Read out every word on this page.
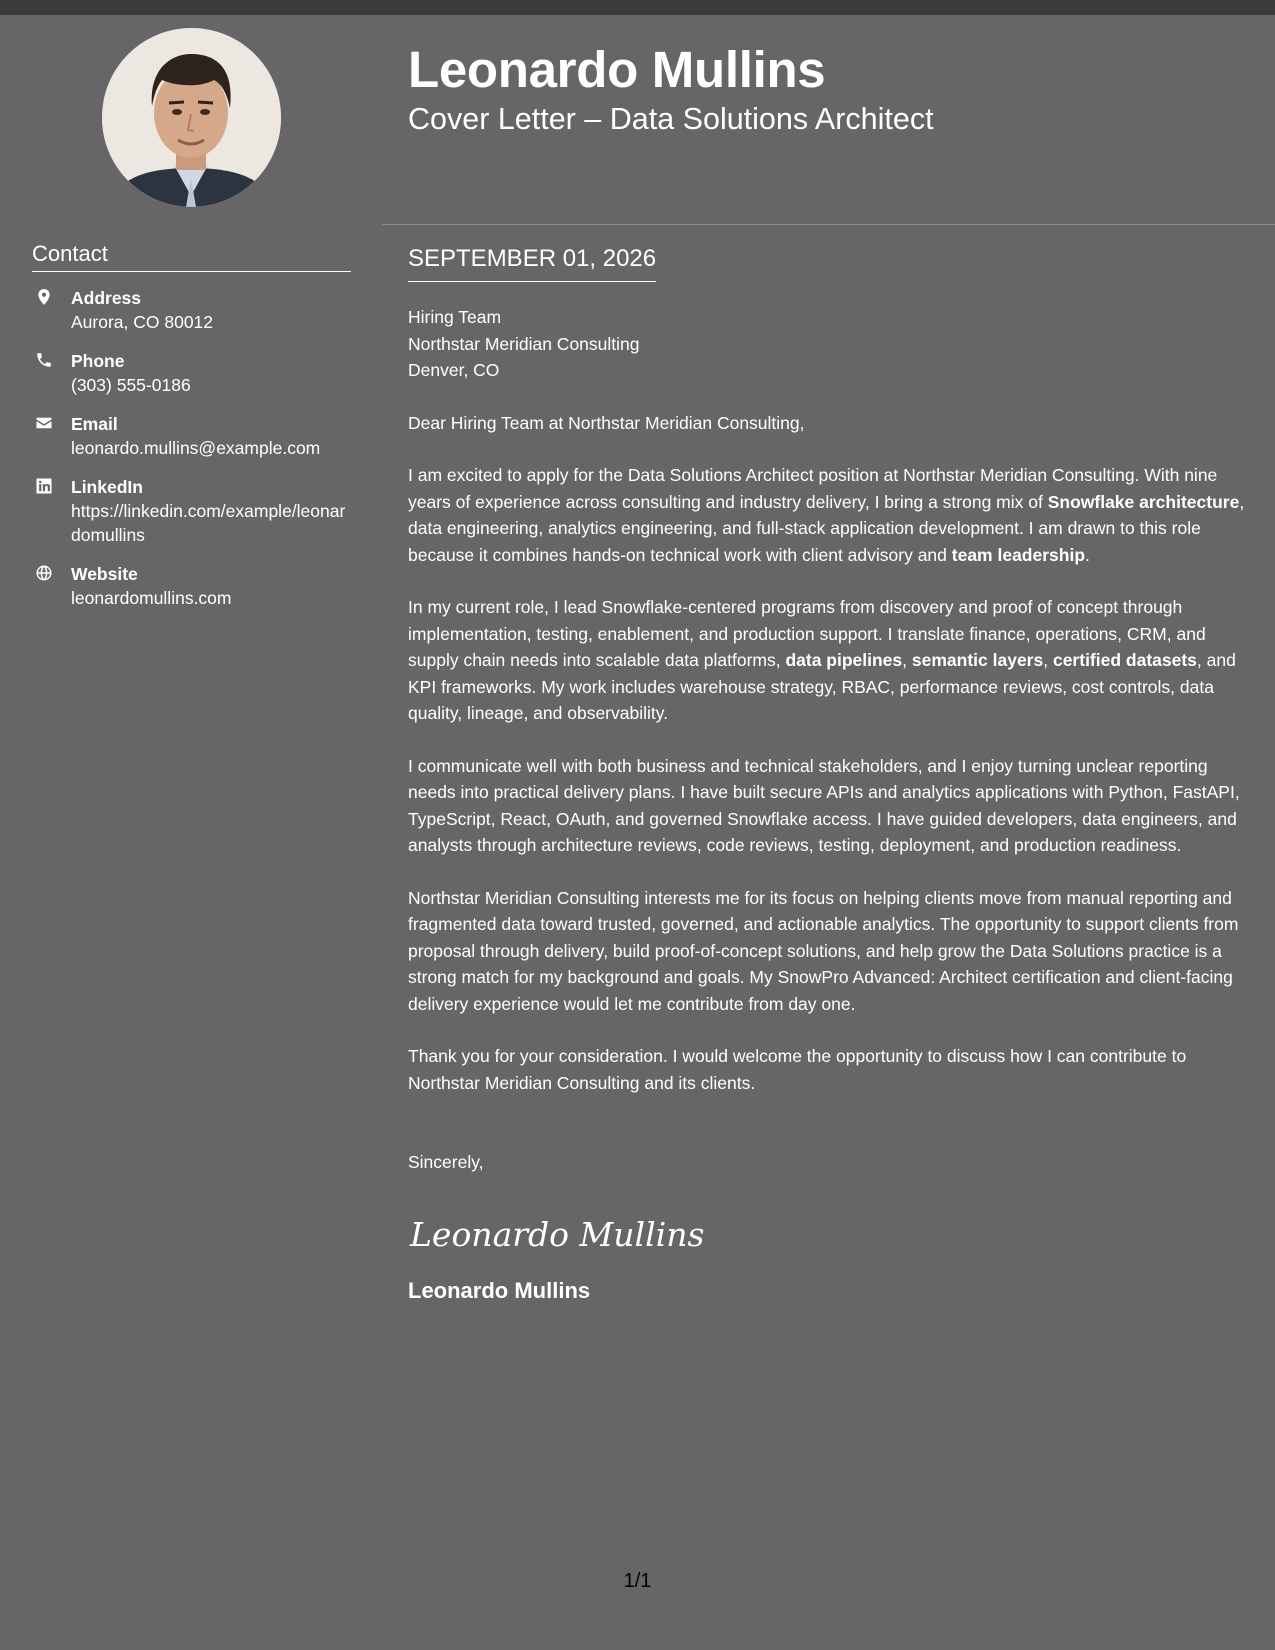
Contact
Address
Aurora, CO 80012
Phone
(303) 555-0186
Email
leonardo.mullins@example.com
LinkedIn
https://linkedin.com/example/leonardomullins
Website
leonardomullins.com
Leonardo Mullins
Cover Letter – Data Solutions Architect
SEPTEMBER 01, 2026
Hiring Team
Northstar Meridian Consulting
Denver, CO

Dear Hiring Team at Northstar Meridian Consulting,

I am excited to apply for the Data Solutions Architect position at Northstar Meridian Consulting. With nine years of experience across consulting and industry delivery, I bring a strong mix of Snowflake architecture, data engineering, analytics engineering, and full-stack application development. I am drawn to this role because it combines hands-on technical work with client advisory and team leadership.

In my current role, I lead Snowflake-centered programs from discovery and proof of concept through implementation, testing, enablement, and production support. I translate finance, operations, CRM, and supply chain needs into scalable data platforms, data pipelines, semantic layers, certified datasets, and KPI frameworks. My work includes warehouse strategy, RBAC, performance reviews, cost controls, data quality, lineage, and observability.

I communicate well with both business and technical stakeholders, and I enjoy turning unclear reporting needs into practical delivery plans. I have built secure APIs and analytics applications with Python, FastAPI, TypeScript, React, OAuth, and governed Snowflake access. I have guided developers, data engineers, and analysts through architecture reviews, code reviews, testing, deployment, and production readiness.

Northstar Meridian Consulting interests me for its focus on helping clients move from manual reporting and fragmented data toward trusted, governed, and actionable analytics. The opportunity to support clients from proposal through delivery, build proof-of-concept solutions, and help grow the Data Solutions practice is a strong match for my background and goals. My SnowPro Advanced: Architect certification and client-facing delivery experience would let me contribute from day one.

Thank you for your consideration. I would welcome the opportunity to discuss how I can contribute to Northstar Meridian Consulting and its clients.

Sincerely,

Leonardo Mullins
Leonardo Mullins
1/1
